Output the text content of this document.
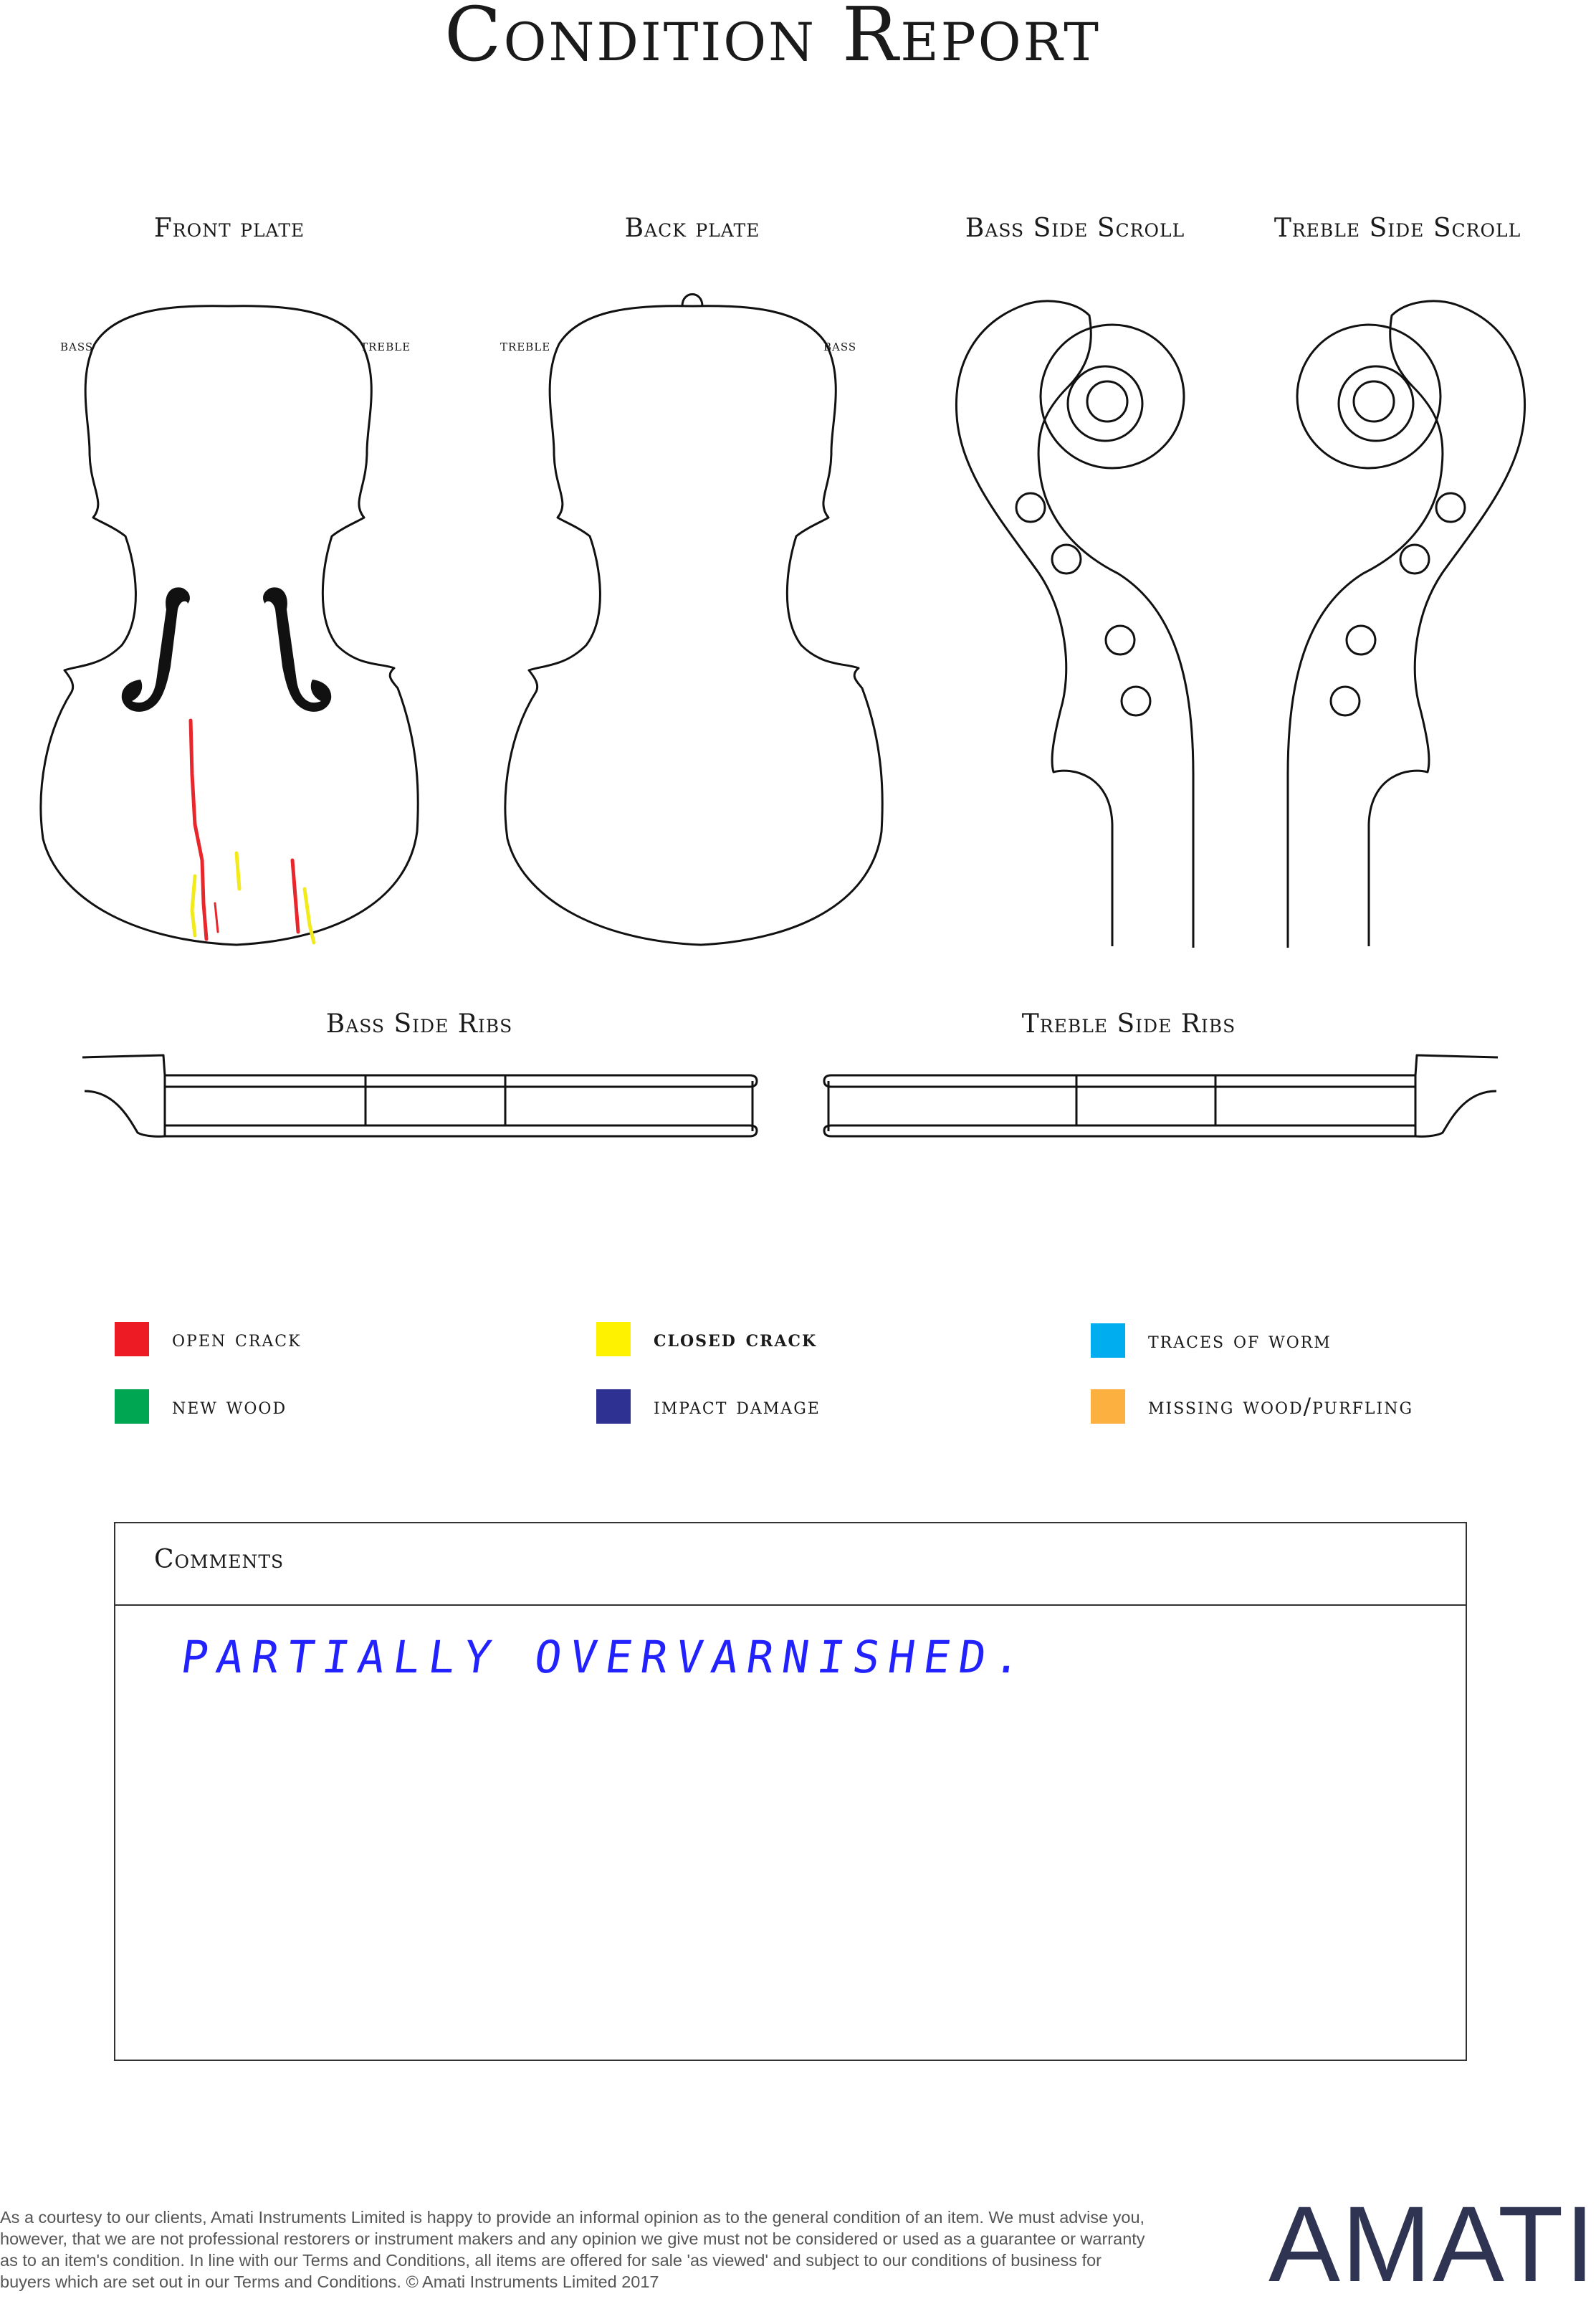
Condition Report
Front plate	Back plate	Bass Side Scroll	Treble Side Scroll
Bass Side Ribs	Treble Side Ribs
bass	treble	treble	bass
open crack	closed crack	traces of worm
new wood	impact damage	missing wood/purfling
Comments
PARTIALLY OVERVARNISHED.
As a courtesy to our clients, Amati Instruments Limited is happy to provide an informal opinion as to the general condition of an item. We must advise you, however, that we are not professional restorers or instrument makers and any opinion we give must not be considered or used as a guarantee or warranty as to an item's condition. In line with our Terms and Conditions, all items are offered for sale 'as viewed' and subject to our conditions of business for buyers which are set out in our Terms and Conditions. © Amati Instruments Limited 2017	AMATI
